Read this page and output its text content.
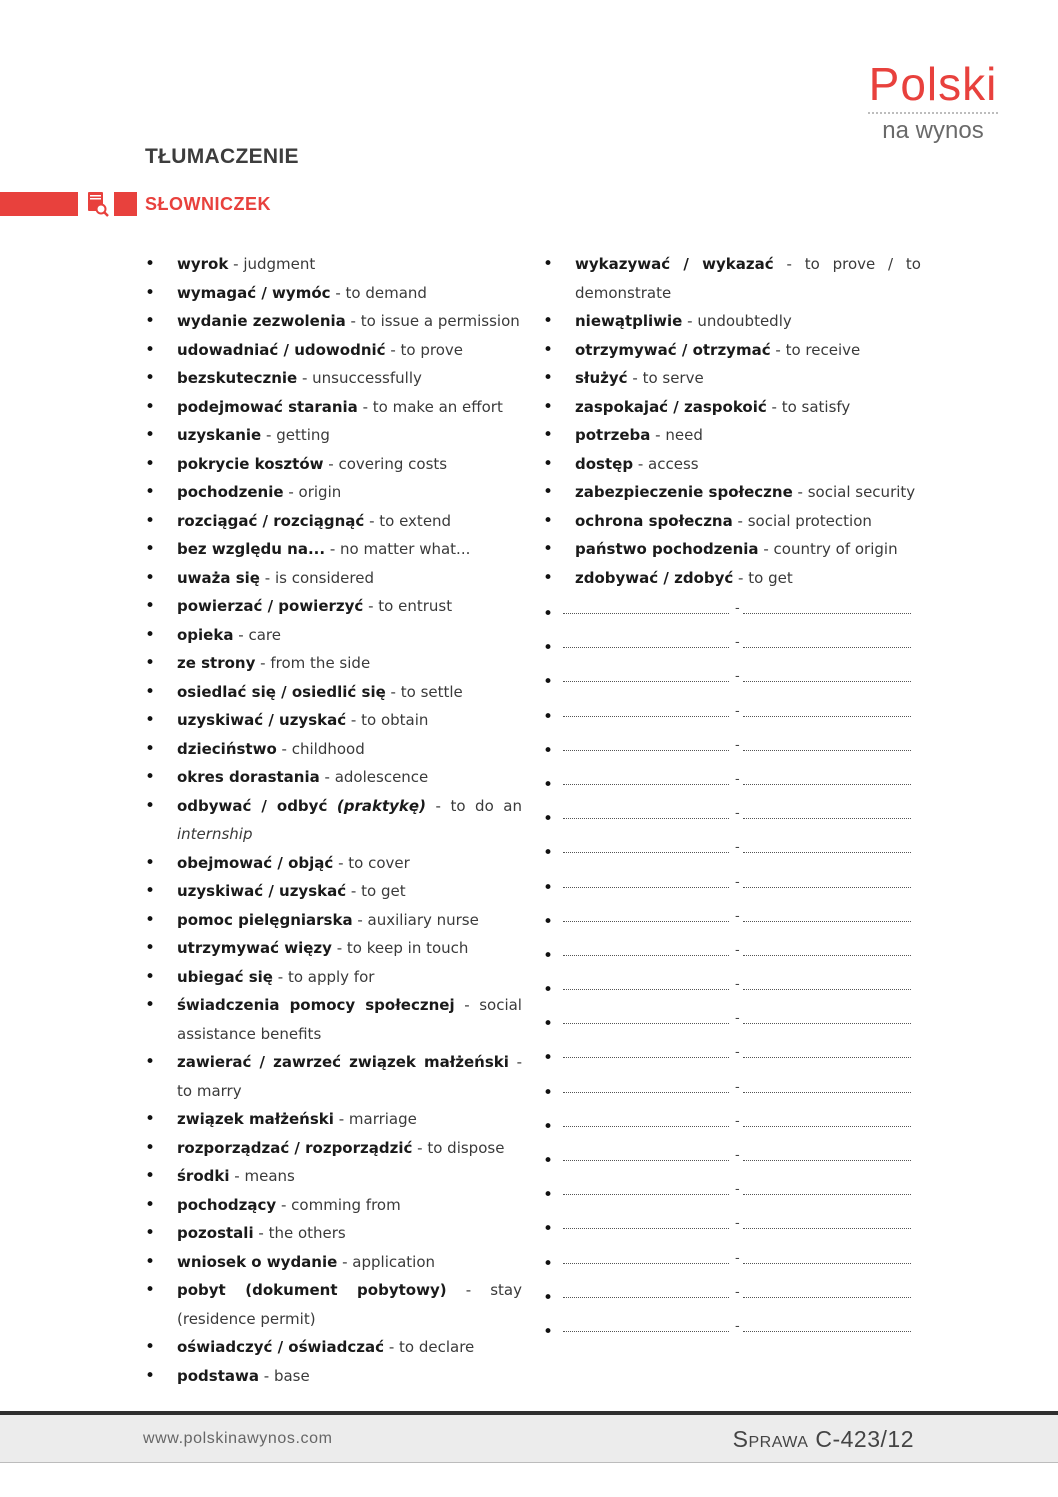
Polski
na wynos
TŁUMACZENIE
SŁOWNICZEK
• wyrok - judgment
• wymagać / wymóc - to demand
• wydanie zezwolenia - to issue a permission
• udowadniać / udowodnić - to prove
• bezskutecznie - unsuccessfully
• podejmować starania - to make an effort
• uzyskanie - getting
• pokrycie kosztów - covering costs
• pochodzenie - origin
• rozciągać / rozciągnąć - to extend
• bez względu na... - no matter what...
• uważa się - is considered
• powierzać / powierzyć - to entrust
• opieka - care
• ze strony - from the side
• osiedlać się / osiedlić się - to settle
• uzyskiwać / uzyskać - to obtain
• dzieciństwo - childhood
• okres dorastania - adolescence
• odbywać / odbyć (praktykę) - to do an internship
• obejmować / objąć - to cover
• uzyskiwać / uzyskać - to get
• pomoc pielęgniarska - auxiliary nurse
• utrzymywać więzy - to keep in touch
• ubiegać się - to apply for
• świadczenia pomocy społecznej - social assistance benefits
• zawierać / zawrzeć związek małżeński - to marry
• związek małżeński - marriage
• rozporządzać / rozporządzić - to dispose
• środki - means
• pochodzący - comming from
• pozostali - the others
• wniosek o wydanie - application
• pobyt (dokument pobytowy) - stay (residence permit)
• oświadczyć / oświadczać - to declare
• podstawa - base
• wykazywać / wykazać - to prove / to demonstrate
• niewątpliwie - undoubtedly
• otrzymywać / otrzymać - to receive
• służyć - to serve
• zaspokajać / zaspokoić - to satisfy
• potrzeba - need
• dostęp - access
• zabezpieczenie społeczne - social security
• ochrona społeczna - social protection
• państwo pochodzenia - country of origin
• zdobywać / zdobyć - to get
• -
• -
• -
• -
• -
• -
• -
• -
• -
• -
• -
• -
• -
• -
• -
• -
• -
• -
• -
• -
• -
• -
www.polskinawynos.com	Sprawa C-423/12
